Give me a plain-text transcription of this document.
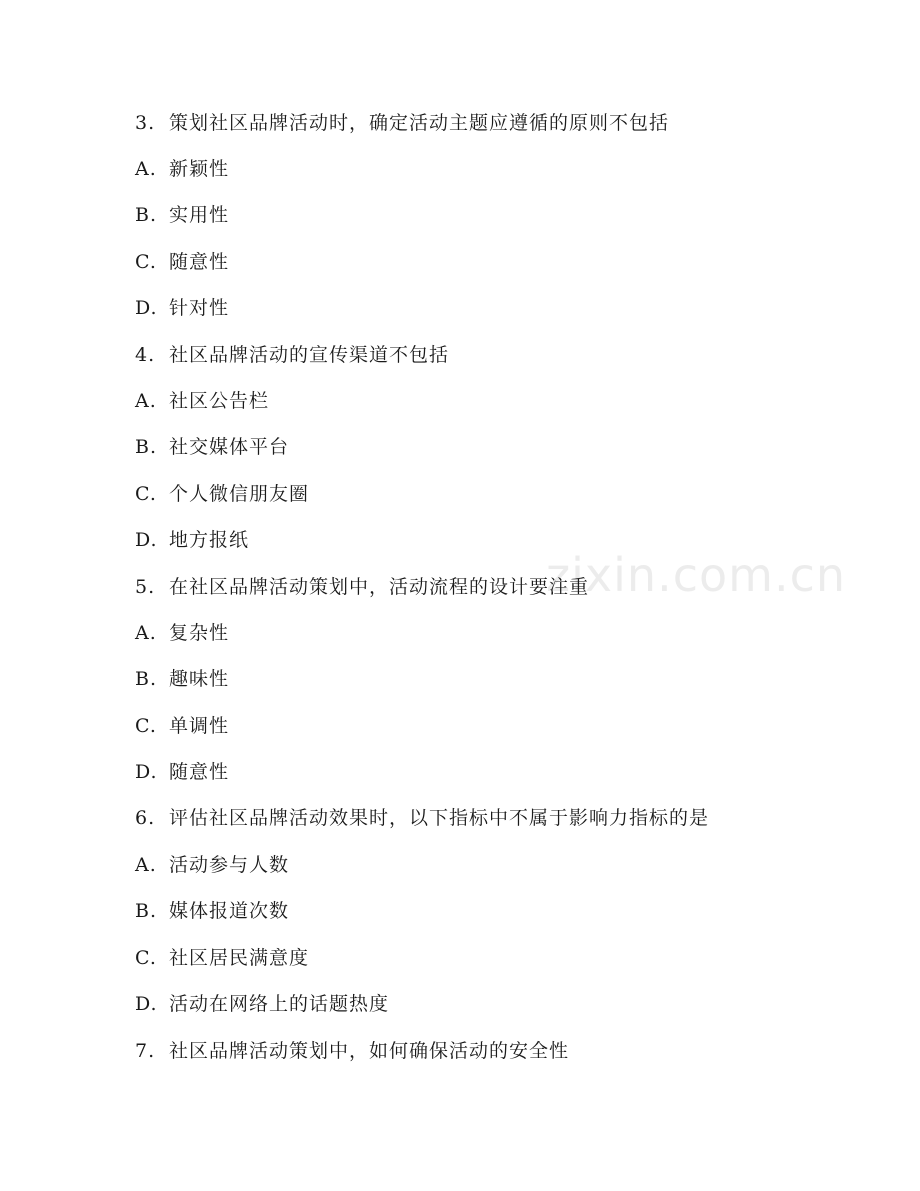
zixin.com.cn
3. 策划社区品牌活动时，确定活动主题应遵循的原则不包括
A. 新颖性
B. 实用性
C. 随意性
D. 针对性
4. 社区品牌活动的宣传渠道不包括
A. 社区公告栏
B. 社交媒体平台
C. 个人微信朋友圈
D. 地方报纸
5. 在社区品牌活动策划中，活动流程的设计要注重
A. 复杂性
B. 趣味性
C. 单调性
D. 随意性
6. 评估社区品牌活动效果时，以下指标中不属于影响力指标的是
A. 活动参与人数
B. 媒体报道次数
C. 社区居民满意度
D. 活动在网络上的话题热度
7. 社区品牌活动策划中，如何确保活动的安全性
